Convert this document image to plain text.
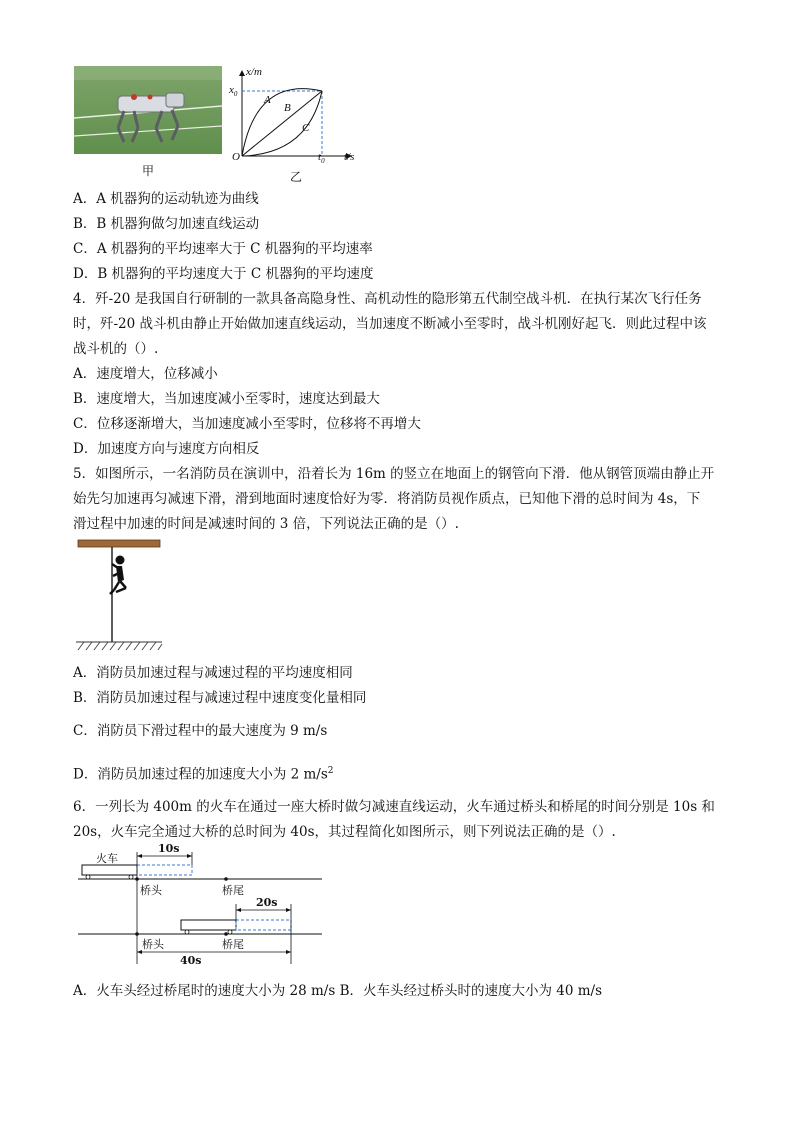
甲
x/m
t/s
O
$x_0$
$t_0$
A
B
C
乙
A．A 机器狗的运动轨迹为曲线
B．B 机器狗做匀加速直线运动
C．A 机器狗的平均速率大于 C 机器狗的平均速率
D．B 机器狗的平均速度大于 C 机器狗的平均速度
4．歼-20 是我国自行研制的一款具备高隐身性、高机动性的隐形第五代制空战斗机．在执行某次飞行任务
时，歼-20 战斗机由静止开始做加速直线运动，当加速度不断减小至零时，战斗机刚好起飞．则此过程中该
战斗机的（）.
A．速度增大，位移减小
B．速度增大，当加速度减小至零时，速度达到最大
C．位移逐渐增大，当加速度减小至零时，位移将不再增大
D．加速度方向与速度方向相反
5．如图所示，一名消防员在演训中，沿着长为 16m 的竖立在地面上的钢管向下滑．他从钢管顶端由静止开
始先匀加速再匀减速下滑，滑到地面时速度恰好为零．将消防员视作质点，已知他下滑的总时间为 4s，下
滑过程中加速的时间是减速时间的 3 倍，下列说法正确的是（）.
A．消防员加速过程与减速过程的平均速度相同
B．消防员加速过程与减速过程中速度变化量相同
C．消防员下滑过程中的最大速度为 9 m/s
D．消防员加速过程的加速度大小为 2 $m/s^2$
6．一列长为 400m 的火车在通过一座大桥时做匀减速直线运动，火车通过桥头和桥尾的时间分别是 10s 和
20s，火车完全通过大桥的总时间为 40s，其过程简化如图所示，则下列说法正确的是（）.
火车
10s
桥头	桥尾
20s
桥头	桥尾
40s
A．火车头经过桥尾时的速度大小为 28 m/s B．火车头经过桥头时的速度大小为 40 m/s
